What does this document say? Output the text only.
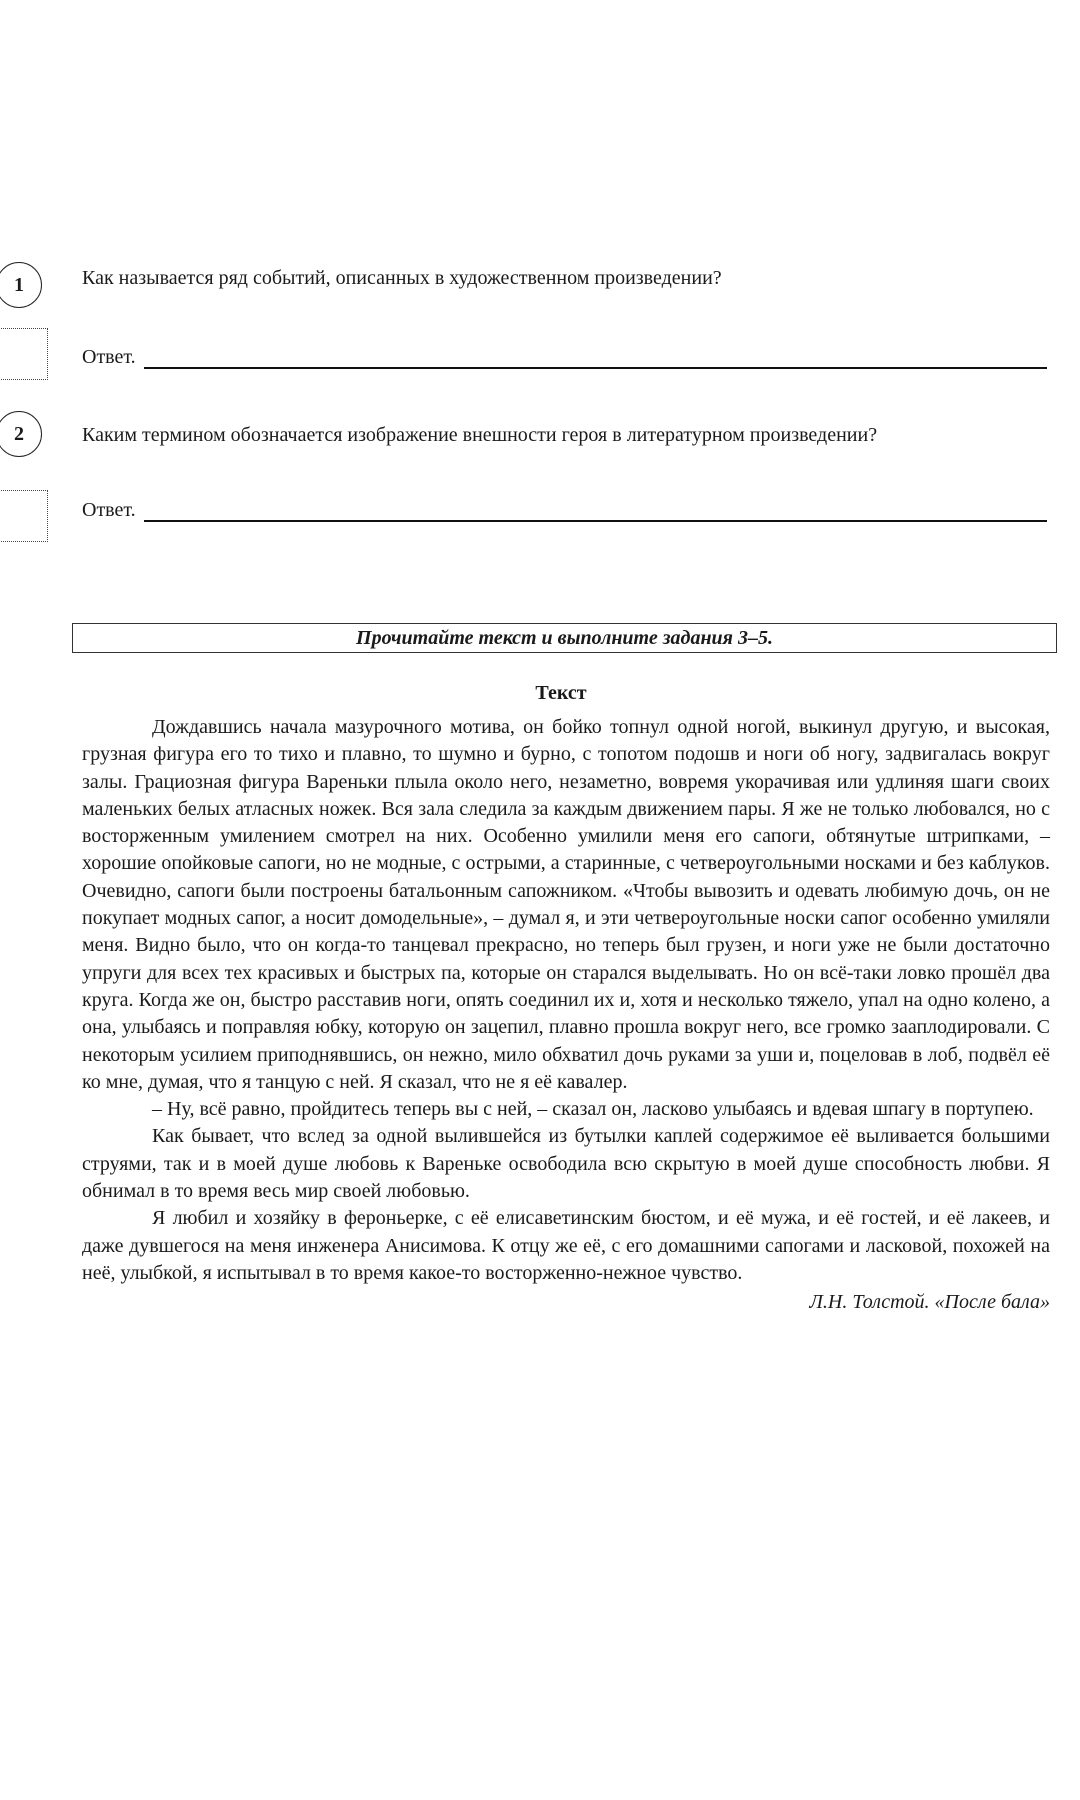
1	Как называется ряд событий, описанных в художественном произведении?
Ответ.
2	Каким термином обозначается изображение внешности героя в литературном произведении?
Ответ.
Прочитайте текст и выполните задания 3–5.
Текст

Дождавшись начала мазурочного мотива, он бойко топнул одной ногой, выкинул другую, и высокая, грузная фигура его то тихо и плавно, то шумно и бурно, с топотом подошв и ноги об ногу, задвигалась вокруг залы. Грациозная фигура Вареньки плыла около него, незаметно, вовремя укорачивая или удлиняя шаги своих маленьких белых атласных ножек. Вся зала следила за каждым движением пары. Я же не только любовался, но с восторженным умилением смотрел на них. Особенно умилили меня его сапоги, обтянутые штрипками, – хорошие опойковые сапоги, но не модные, с острыми, а старинные, с четвероугольными носками и без каблуков. Очевидно, сапоги были построены батальонным сапожником. «Чтобы вывозить и одевать любимую дочь, он не покупает модных сапог, а носит домодельные», – думал я, и эти четвероугольные носки сапог особенно умиляли меня. Видно было, что он когда-то танцевал прекрасно, но теперь был грузен, и ноги уже не были достаточно упруги для всех тех красивых и быстрых па, которые он старался выделывать. Но он всё-таки ловко прошёл два круга. Когда же он, быстро расставив ноги, опять соединил их и, хотя и несколько тяжело, упал на одно колено, а она, улыбаясь и поправляя юбку, которую он зацепил, плавно прошла вокруг него, все громко зааплодировали. С некоторым усилием приподнявшись, он нежно, мило обхватил дочь руками за уши и, поцеловав в лоб, подвёл её ко мне, думая, что я танцую с ней. Я сказал, что не я её кавалер.

– Ну, всё равно, пройдитесь теперь вы с ней, – сказал он, ласково улыбаясь и вдевая шпагу в портупею.

Как бывает, что вслед за одной вылившейся из бутылки каплей содержимое её выливается большими струями, так и в моей душе любовь к Вареньке освободила всю скрытую в моей душе способность любви. Я обнимал в то время весь мир своей любовью.

Я любил и хозяйку в фероньерке, с её елисаветинским бюстом, и её мужа, и её гостей, и её лакеев, и даже дувшегося на меня инженера Анисимова. К отцу же её, с его домашними сапогами и ласковой, похожей на неё, улыбкой, я испытывал в то время какое-то восторженно-нежное чувство.

Л.Н. Толстой. «После бала»
